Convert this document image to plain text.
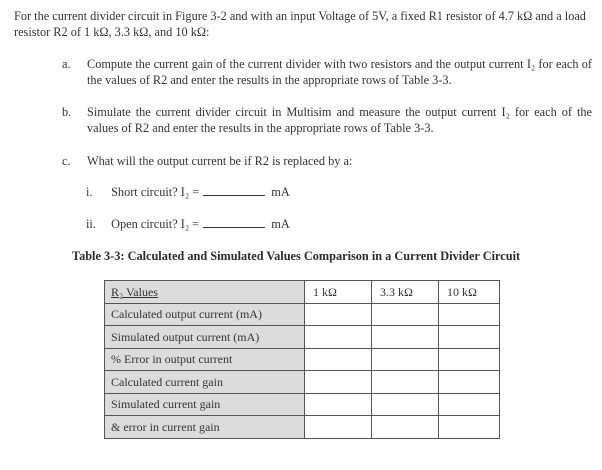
For the current divider circuit in Figure 3-2 and with an input Voltage of 5V, a fixed R1 resistor of 4.7 kΩ and a load resistor R2 of 1 kΩ, 3.3 kΩ, and 10 kΩ:
a. Compute the current gain of the current divider with two resistors and the output current I₂ for each of the values of R2 and enter the results in the appropriate rows of Table 3-3.
b. Simulate the current divider circuit in Multisim and measure the output current I₂ for each of the values of R2 and enter the results in the appropriate rows of Table 3-3.
c. What will the output current be if R2 is replaced by a:
i. Short circuit? I₂ =	mA
ii. Open circuit? I₂ =	mA
Table 3-3: Calculated and Simulated Values Comparison in a Current Divider Circuit
R₂ Values	1 kΩ	3.3 kΩ	10 kΩ
Calculated output current (mA)			
Simulated output current (mA)			
% Error in output current			
Calculated current gain			
Simulated current gain			
& error in current gain			
